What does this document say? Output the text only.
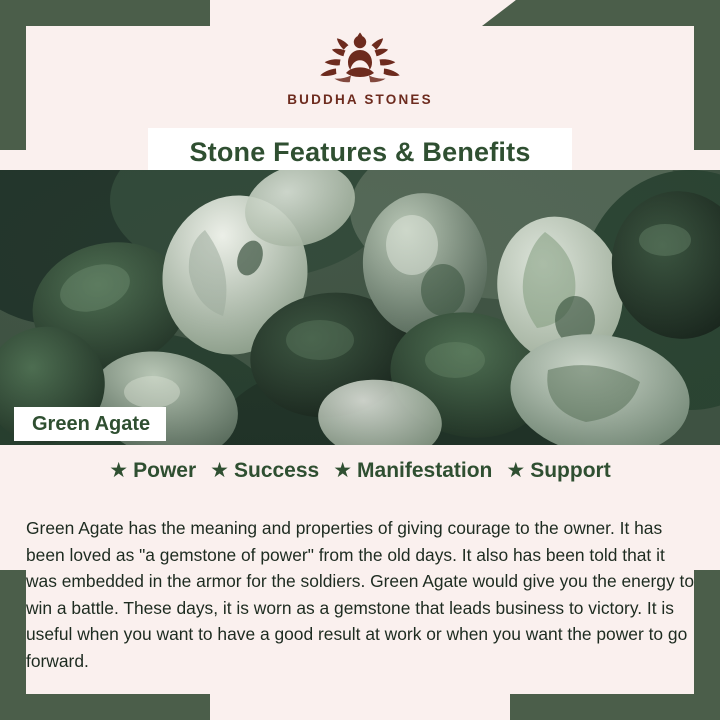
BUDDHA STONES
Stone Features & Benefits
Green Agate
★ Power ★ Success ★ Manifestation ★ Support

Green Agate has the meaning and properties of giving courage to the owner. It has been loved as "a gemstone of power" from the old days. It also has been told that it was embedded in the armor for the soldiers. Green Agate would give you the energy to win a battle. These days, it is worn as a gemstone that leads business to victory. It is useful when you want to have a good result at work or when you want the power to go forward.
